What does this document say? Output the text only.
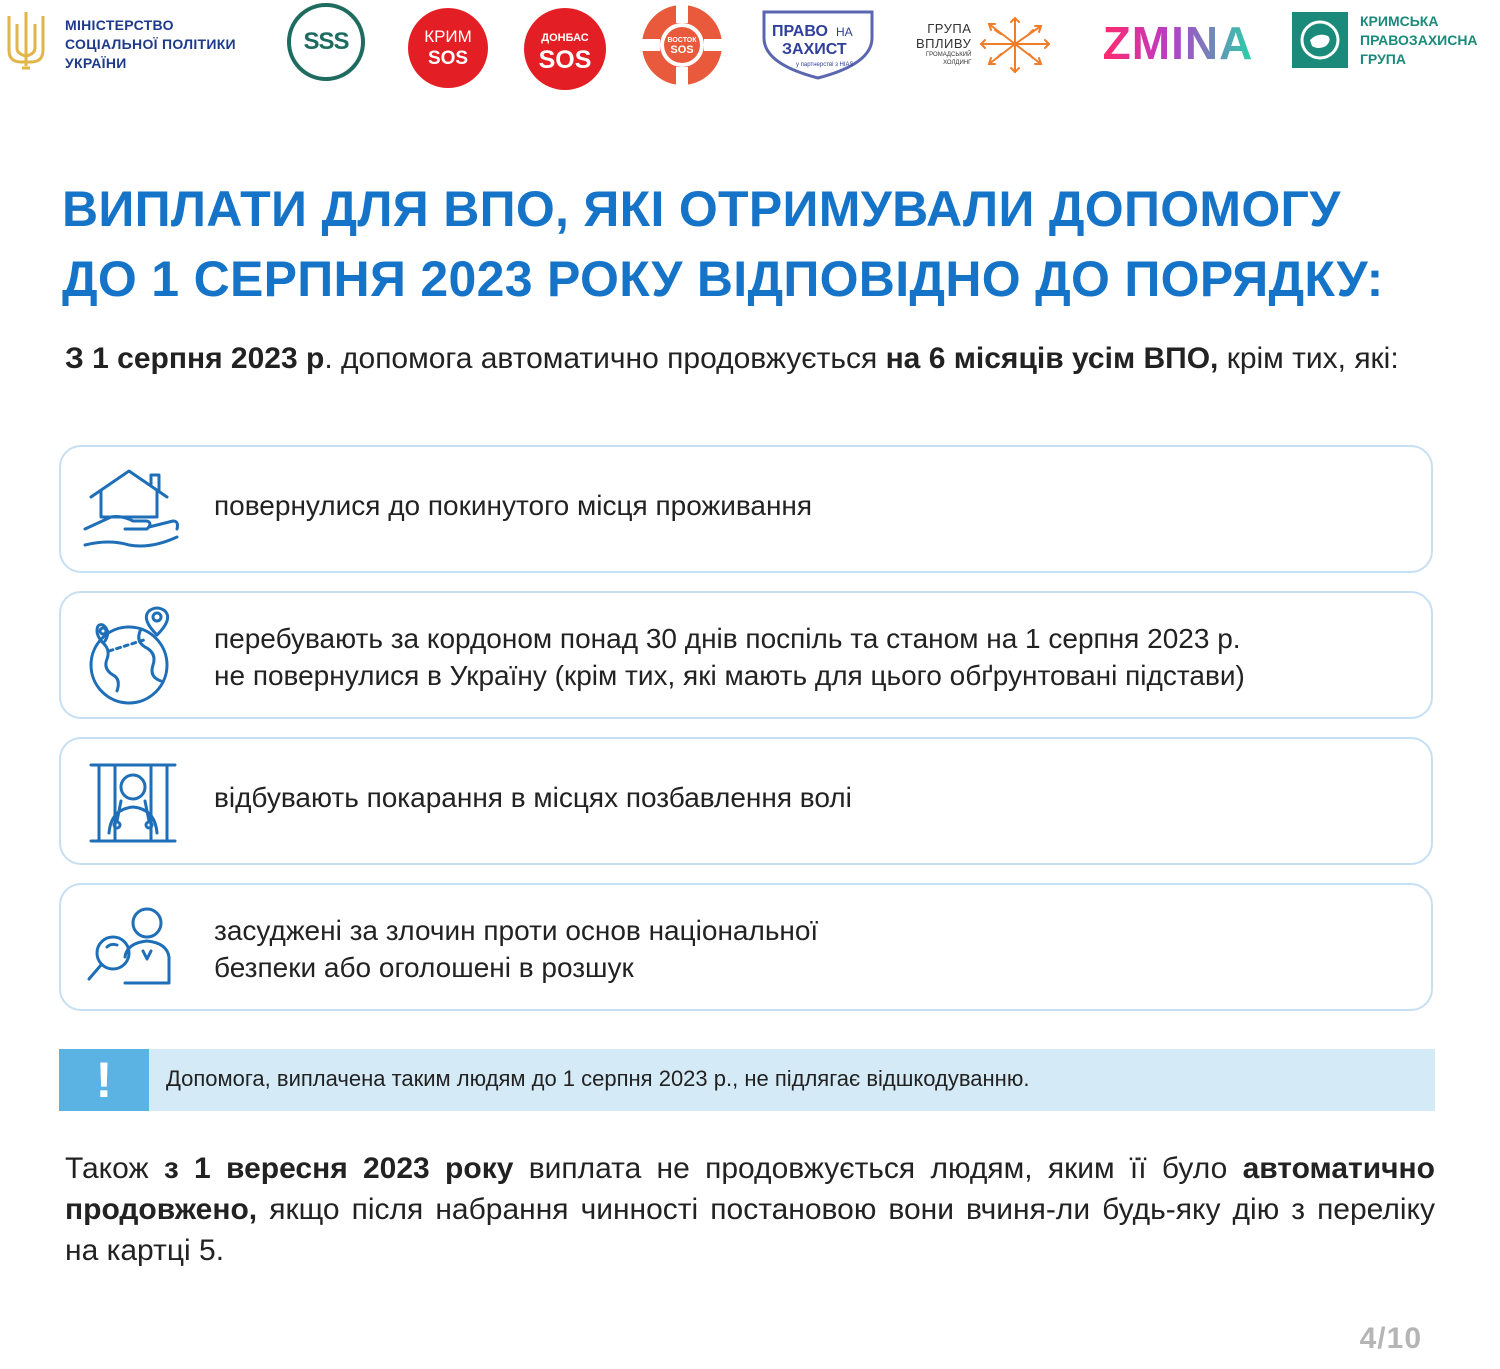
МІНІСТЕРСТВО
СОЦІАЛЬНОЇ ПОЛІТИКИ
УКРАЇНИ
SSS	КРИМ
SOS
ДОНБАС
SOS
ВОСТОК
SOS
ПРАВО НА
ЗАХИСТ
у партнерстві з HIAS
ГРУПА
ВПЛИВУ
ГРОМАДСЬКИЙ
ХОЛДИНГ	ZMINA	КРИМСЬКА
ПРАВОЗАХИСНА
ГРУПА
ВИПЛАТИ ДЛЯ ВПО, ЯКІ ОТРИМУВАЛИ ДОПОМОГУ
ДО 1 СЕРПНЯ 2023 РОКУ ВІДПОВІДНО ДО ПОРЯДКУ:
З 1 серпня 2023 р. допомога автоматично продовжується на 6 місяців усім ВПО, крім тих, які:
повернулися до покинутого місця проживання
перебувають за кордоном понад 30 днів поспіль та станом на 1 серпня 2023 р.
не повернулися в Україну (крім тих, які мають для цього обґрунтовані підстави)
відбувають покарання в місцях позбавлення волі
засуджені за злочин проти основ національної
безпеки або оголошені в розшук
!	Допомога, виплачена таким людям до 1 серпня 2023 р., не підлягає відшкодуванню.
Також з 1 вересня 2023 року виплата не продовжується людям, яким її було автоматично продовжено, якщо після набрання чинності постановою вони вчиня-ли будь-яку дію з переліку на картці 5.
4/10
